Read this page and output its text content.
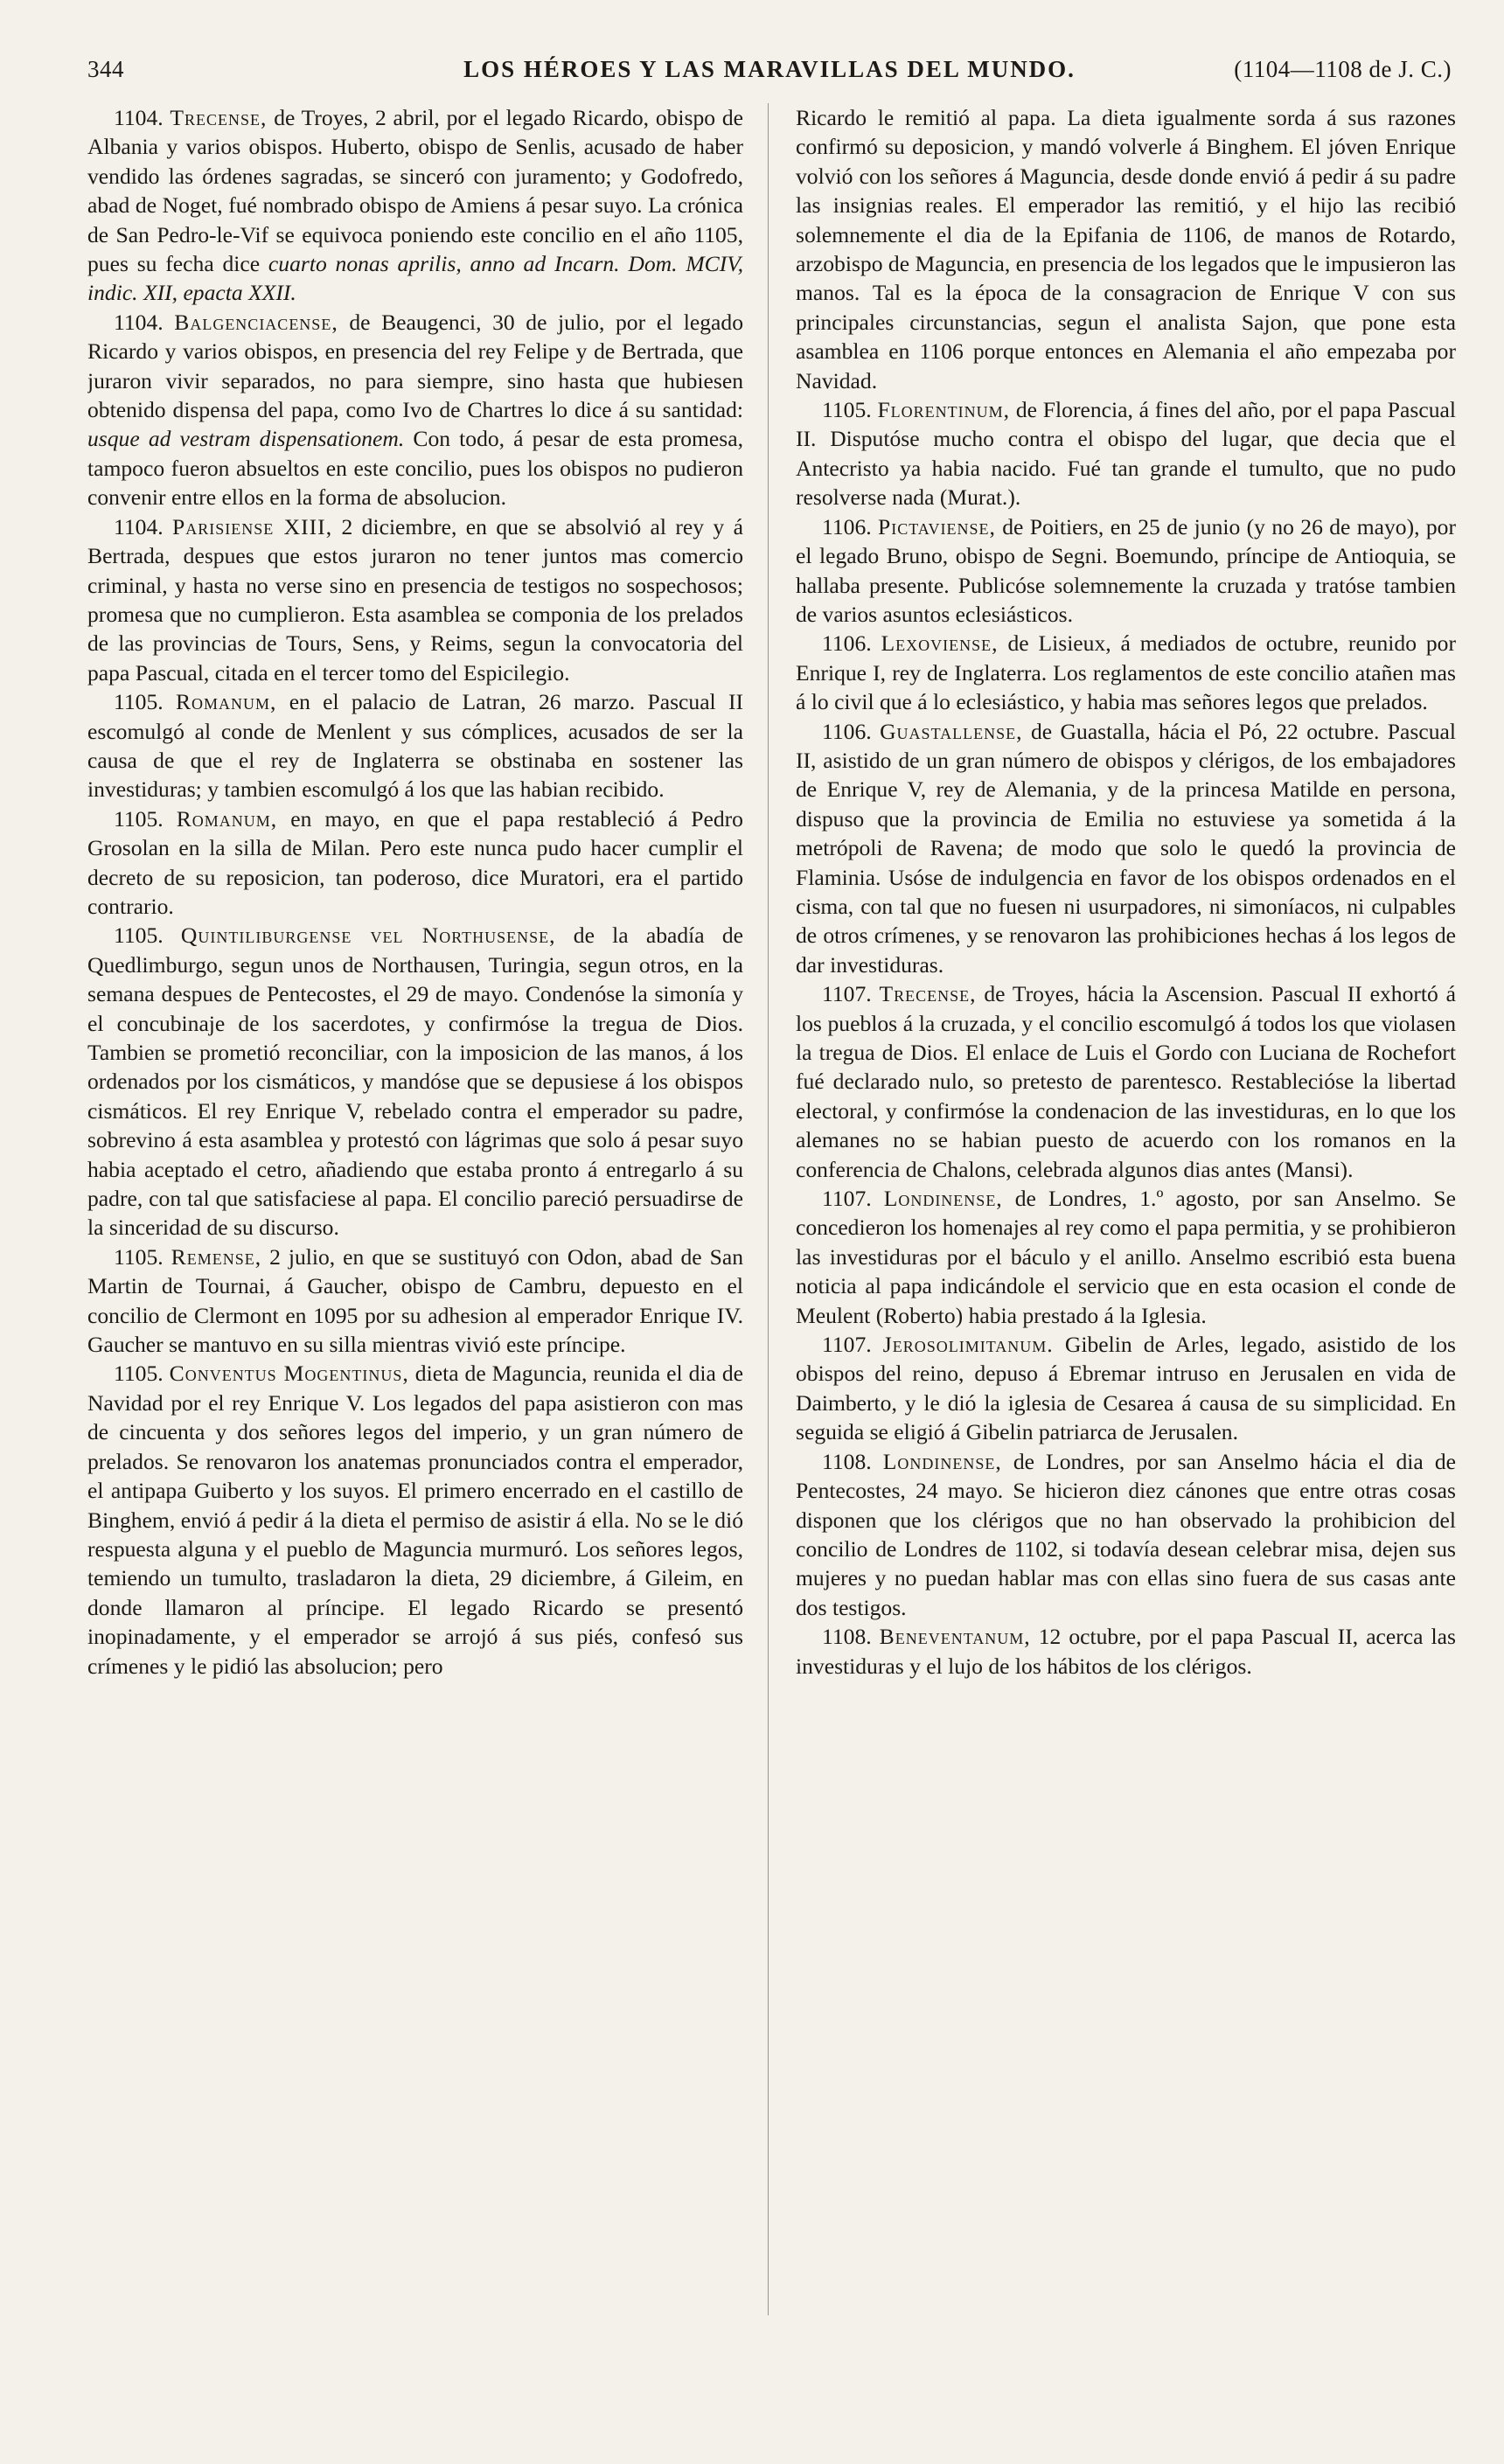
344	LOS HÉROES Y LAS MARAVILLAS DEL MUNDO.	(1104—1108 de J. C.)

1104. Trecense, de Troyes, 2 abril, por el legado Ricardo, obispo de Albania y varios obispos. Huberto, obispo de Senlis, acusado de haber vendido las órdenes sagradas, se sinceró con juramento; y Godofredo, abad de Noget, fué nombrado obispo de Amiens á pesar suyo. La crónica de San Pedro-le-Vif se equivoca poniendo este concilio en el año 1105, pues su fecha dice cuarto nonas aprilis, anno ad Incarn. Dom. MCIV, indic. XII, epacta XXII.

1104. Balgenciacense, de Beaugenci, 30 de julio, por el legado Ricardo y varios obispos, en presencia del rey Felipe y de Bertrada, que juraron vivir separados, no para siempre, sino hasta que hubiesen obtenido dispensa del papa, como Ivo de Chartres lo dice á su santidad: usque ad vestram dispensationem. Con todo, á pesar de esta promesa, tampoco fueron absueltos en este concilio, pues los obispos no pudieron convenir entre ellos en la forma de absolucion.

1104. Parisiense XIII, 2 diciembre, en que se absolvió al rey y á Bertrada, despues que estos juraron no tener juntos mas comercio criminal, y hasta no verse sino en presencia de testigos no sospechosos; promesa que no cumplieron. Esta asamblea se componia de los prelados de las provincias de Tours, Sens, y Reims, segun la convocatoria del papa Pascual, citada en el tercer tomo del Espicilegio.

1105. Romanum, en el palacio de Latran, 26 marzo. Pascual II escomulgó al conde de Menlent y sus cómplices, acusados de ser la causa de que el rey de Inglaterra se obstinaba en sostener las investiduras; y tambien escomulgó á los que las habian recibido.

1105. Romanum, en mayo, en que el papa restableció á Pedro Grosolan en la silla de Milan. Pero este nunca pudo hacer cumplir el decreto de su reposicion, tan poderoso, dice Muratori, era el partido contrario.

1105. Quintiliburgense vel Northusense, de la abadía de Quedlimburgo, segun unos de Northausen, Turingia, segun otros, en la semana despues de Pentecostes, el 29 de mayo. Condenóse la simonía y el concubinaje de los sacerdotes, y confirmóse la tregua de Dios. Tambien se prometió reconciliar, con la imposicion de las manos, á los ordenados por los cismáticos, y mandóse que se depusiese á los obispos cismáticos. El rey Enrique V, rebelado contra el emperador su padre, sobrevino á esta asamblea y protestó con lágrimas que solo á pesar suyo habia aceptado el cetro, añadiendo que estaba pronto á entregarlo á su padre, con tal que satisfaciese al papa. El concilio pareció persuadirse de la sinceridad de su discurso.

1105. Remense, 2 julio, en que se sustituyó con Odon, abad de San Martin de Tournai, á Gaucher, obispo de Cambru, depuesto en el concilio de Clermont en 1095 por su adhesion al emperador Enrique IV. Gaucher se mantuvo en su silla mientras vivió este príncipe.

1105. Conventus Mogentinus, dieta de Maguncia, reunida el dia de Navidad por el rey Enrique V. Los legados del papa asistieron con mas de cincuenta y dos señores legos del imperio, y un gran número de prelados. Se renovaron los anatemas pronunciados contra el emperador, el antipapa Guiberto y los suyos. El primero encerrado en el castillo de Binghem, envió á pedir á la dieta el permiso de asistir á ella. No se le dió respuesta alguna y el pueblo de Maguncia murmuró. Los señores legos, temiendo un tumulto, trasladaron la dieta, 29 diciembre, á Gileim, en donde llamaron al príncipe. El legado Ricardo se presentó inopinadamente, y el emperador se arrojó á sus piés, confesó sus crímenes y le pidió las absolucion; pero

Ricardo le remitió al papa. La dieta igualmente sorda á sus razones confirmó su deposicion, y mandó volverle á Binghem. El jóven Enrique volvió con los señores á Maguncia, desde donde envió á pedir á su padre las insignias reales. El emperador las remitió, y el hijo las recibió solemnemente el dia de la Epifania de 1106, de manos de Rotardo, arzobispo de Maguncia, en presencia de los legados que le impusieron las manos. Tal es la época de la consagracion de Enrique V con sus principales circunstancias, segun el analista Sajon, que pone esta asamblea en 1106 porque entonces en Alemania el año empezaba por Navidad.

1105. Florentinum, de Florencia, á fines del año, por el papa Pascual II. Disputóse mucho contra el obispo del lugar, que decia que el Antecristo ya habia nacido. Fué tan grande el tumulto, que no pudo resolverse nada (Murat.).

1106. Pictaviense, de Poitiers, en 25 de junio (y no 26 de mayo), por el legado Bruno, obispo de Segni. Boemundo, príncipe de Antioquia, se hallaba presente. Publicóse solemnemente la cruzada y tratóse tambien de varios asuntos eclesiásticos.

1106. Lexoviense, de Lisieux, á mediados de octubre, reunido por Enrique I, rey de Inglaterra. Los reglamentos de este concilio atañen mas á lo civil que á lo eclesiástico, y habia mas señores legos que prelados.

1106. Guastallense, de Guastalla, hácia el Pó, 22 octubre. Pascual II, asistido de un gran número de obispos y clérigos, de los embajadores de Enrique V, rey de Alemania, y de la princesa Matilde en persona, dispuso que la provincia de Emilia no estuviese ya sometida á la metrópoli de Ravena; de modo que solo le quedó la provincia de Flaminia. Usóse de indulgencia en favor de los obispos ordenados en el cisma, con tal que no fuesen ni usurpadores, ni simoníacos, ni culpables de otros crímenes, y se renovaron las prohibiciones hechas á los legos de dar investiduras.

1107. Trecense, de Troyes, hácia la Ascension. Pascual II exhortó á los pueblos á la cruzada, y el concilio escomulgó á todos los que violasen la tregua de Dios. El enlace de Luis el Gordo con Luciana de Rochefort fué declarado nulo, so pretesto de parentesco. Restablecióse la libertad electoral, y confirmóse la condenacion de las investiduras, en lo que los alemanes no se habian puesto de acuerdo con los romanos en la conferencia de Chalons, celebrada algunos dias antes (Mansi).

1107. Londinense, de Londres, 1.º agosto, por san Anselmo. Se concedieron los homenajes al rey como el papa permitia, y se prohibieron las investiduras por el báculo y el anillo. Anselmo escribió esta buena noticia al papa indicándole el servicio que en esta ocasion el conde de Meulent (Roberto) habia prestado á la Iglesia.

1107. Jerosolimitanum. Gibelin de Arles, legado, asistido de los obispos del reino, depuso á Ebremar intruso en Jerusalen en vida de Daimberto, y le dió la iglesia de Cesarea á causa de su simplicidad. En seguida se eligió á Gibelin patriarca de Jerusalen.

1108. Londinense, de Londres, por san Anselmo hácia el dia de Pentecostes, 24 mayo. Se hicieron diez cánones que entre otras cosas disponen que los clérigos que no han observado la prohibicion del concilio de Londres de 1102, si todavía desean celebrar misa, dejen sus mujeres y no puedan hablar mas con ellas sino fuera de sus casas ante dos testigos.

1108. Beneventanum, 12 octubre, por el papa Pascual II, acerca las investiduras y el lujo de los hábitos de los clérigos.
